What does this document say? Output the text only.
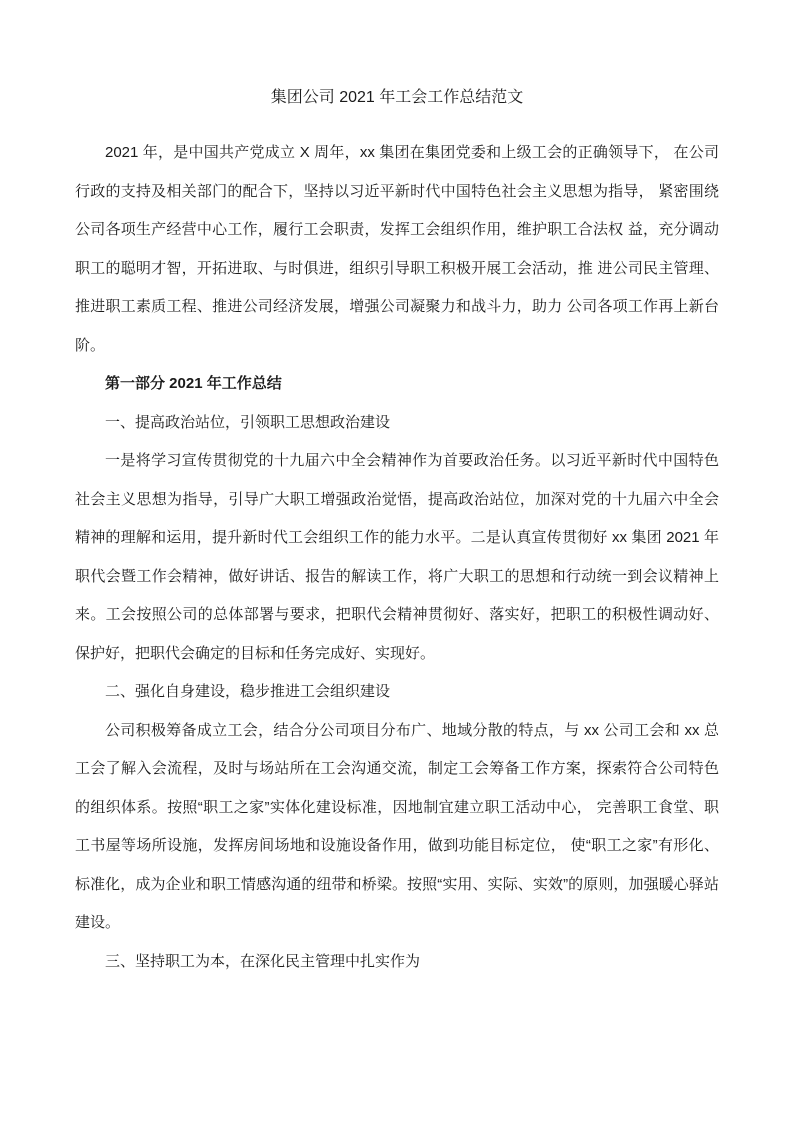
集团公司 2021 年工会工作总结范文

2021 年，是中国共产党成立 X 周年，xx 集团在集团党委和上级工会的正确领导下， 在公司行政的支持及相关部门的配合下，坚持以习近平新时代中国特色社会主义思想为指导， 紧密围绕公司各项生产经营中心工作，履行工会职责，发挥工会组织作用，维护职工合法权 益，充分调动职工的聪明才智，开拓进取、与时俱进，组织引导职工积极开展工会活动，推 进公司民主管理、推进职工素质工程、推进公司经济发展，增强公司凝聚力和战斗力，助力 公司各项工作再上新台阶。

第一部分 2021 年工作总结

一、提高政治站位，引领职工思想政治建设

一是将学习宣传贯彻党的十九届六中全会精神作为首要政治任务。以习近平新时代中国特色社会主义思想为指导，引导广大职工增强政治觉悟，提高政治站位，加深对党的十九届六中全会精神的理解和运用，提升新时代工会组织工作的能力水平。二是认真宣传贯彻好 xx 集团 2021 年职代会暨工作会精神，做好讲话、报告的解读工作，将广大职工的思想和行动统一到会议精神上来。工会按照公司的总体部署与要求，把职代会精神贯彻好、落实好，把职工的积极性调动好、保护好，把职代会确定的目标和任务完成好、实现好。

二、强化自身建设，稳步推进工会组织建设

公司积极筹备成立工会，结合分公司项目分布广、地域分散的特点，与 xx 公司工会和 xx 总工会了解入会流程，及时与场站所在工会沟通交流，制定工会筹备工作方案，探索符合公司特色的组织体系。按照“职工之家”实体化建设标准，因地制宜建立职工活动中心， 完善职工食堂、职工书屋等场所设施，发挥房间场地和设施设备作用，做到功能目标定位， 使“职工之家”有形化、标准化，成为企业和职工情感沟通的纽带和桥梁。按照“实用、实际、实效”的原则，加强暖心驿站建设。

三、坚持职工为本，在深化民主管理中扎实作为
